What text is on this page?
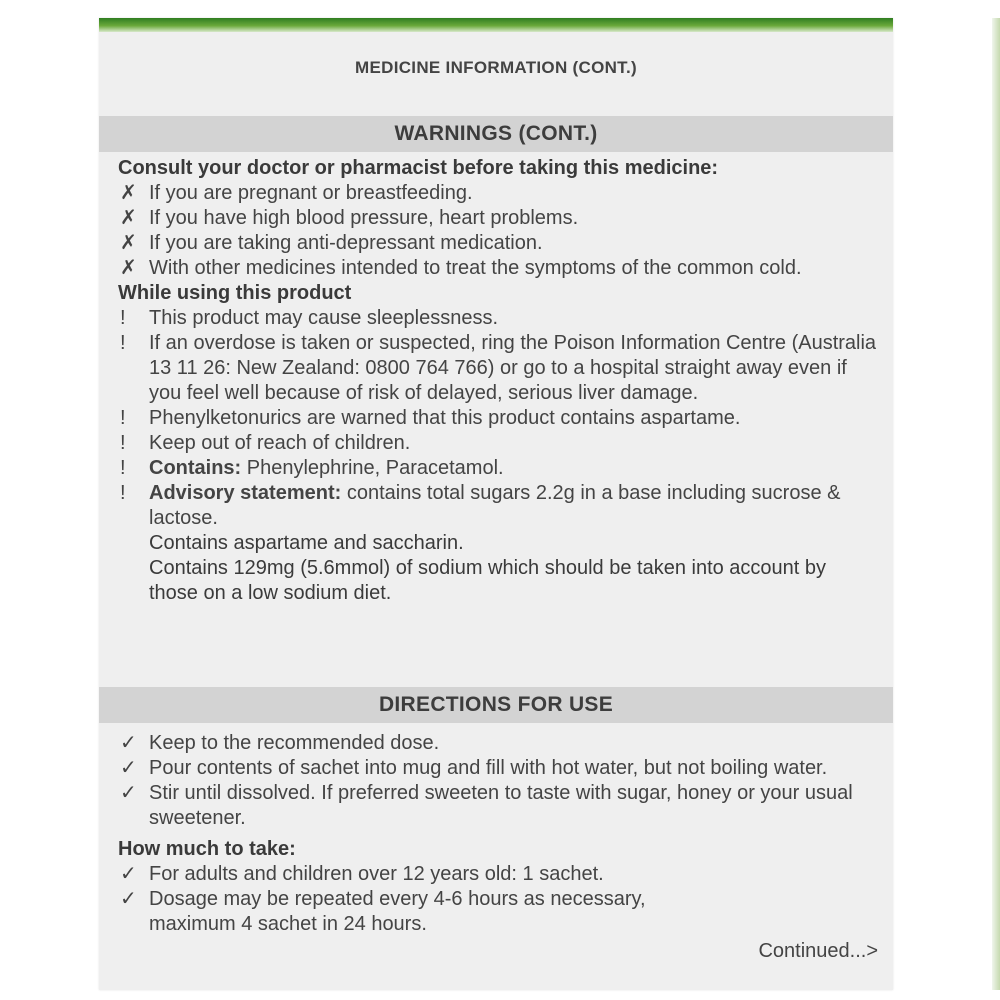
MEDICINE INFORMATION (CONT.)
WARNINGS (CONT.)
Consult your doctor or pharmacist before taking this medicine:
✗ If you are pregnant or breastfeeding.
✗ If you have high blood pressure, heart problems.
✗ If you are taking anti-depressant medication.
✗ With other medicines intended to treat the symptoms of the common cold.
While using this product
!	This product may cause sleeplessness.
!	If an overdose is taken or suspected, ring the Poison Information Centre (Australia 13 11 26: New Zealand: 0800 764 766) or go to a hospital straight away even if you feel well because of risk of delayed, serious liver damage.
!	Phenylketonurics are warned that this product contains aspartame.
!	Keep out of reach of children.
!	Contains: Phenylephrine, Paracetamol.
!	Advisory statement: contains total sugars 2.2g in a base including sucrose & lactose.
Contains aspartame and saccharin.
Contains 129mg (5.6mmol) of sodium which should be taken into account by those on a low sodium diet.
DIRECTIONS FOR USE
✓ Keep to the recommended dose.
✓ Pour contents of sachet into mug and fill with hot water, but not boiling water.
✓ Stir until dissolved. If preferred sweeten to taste with sugar, honey or your usual sweetener.
How much to take:
✓ For adults and children over 12 years old: 1 sachet.
✓ Dosage may be repeated every 4-6 hours as necessary, maximum 4 sachet in 24 hours.
Continued...>
